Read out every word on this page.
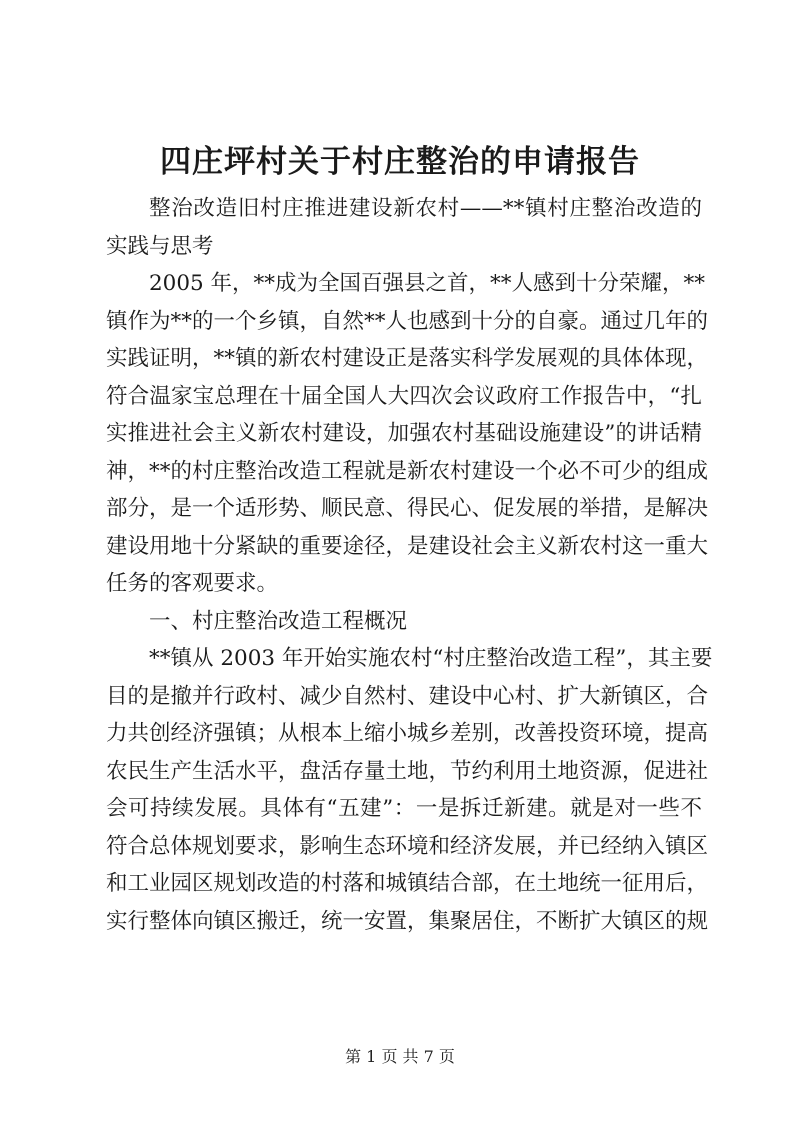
四庄坪村关于村庄整治的申请报告
整治改造旧村庄推进建设新农村——**镇村庄整治改造的
实践与思考
2005 年，**成为全国百强县之首，**人感到十分荣耀，**
镇作为**的一个乡镇，自然**人也感到十分的自豪。通过几年的
实践证明，**镇的新农村建设正是落实科学发展观的具体体现，
符合温家宝总理在十届全国人大四次会议政府工作报告中，“扎
实推进社会主义新农村建设，加强农村基础设施建设”的讲话精
神，**的村庄整治改造工程就是新农村建设一个必不可少的组成
部分，是一个适形势、顺民意、得民心、促发展的举措，是解决
建设用地十分紧缺的重要途径，是建设社会主义新农村这一重大
任务的客观要求。
一、村庄整治改造工程概况
**镇从 2003 年开始实施农村“村庄整治改造工程”，其主要
目的是撤并行政村、减少自然村、建设中心村、扩大新镇区，合
力共创经济强镇；从根本上缩小城乡差别，改善投资环境，提高
农民生产生活水平，盘活存量土地，节约利用土地资源，促进社
会可持续发展。具体有“五建”：一是拆迁新建。就是对一些不
符合总体规划要求，影响生态环境和经济发展，并已经纳入镇区
和工业园区规划改造的村落和城镇结合部，在土地统一征用后，
实行整体向镇区搬迁，统一安置，集聚居住，不断扩大镇区的规
第 1 页 共 7 页
